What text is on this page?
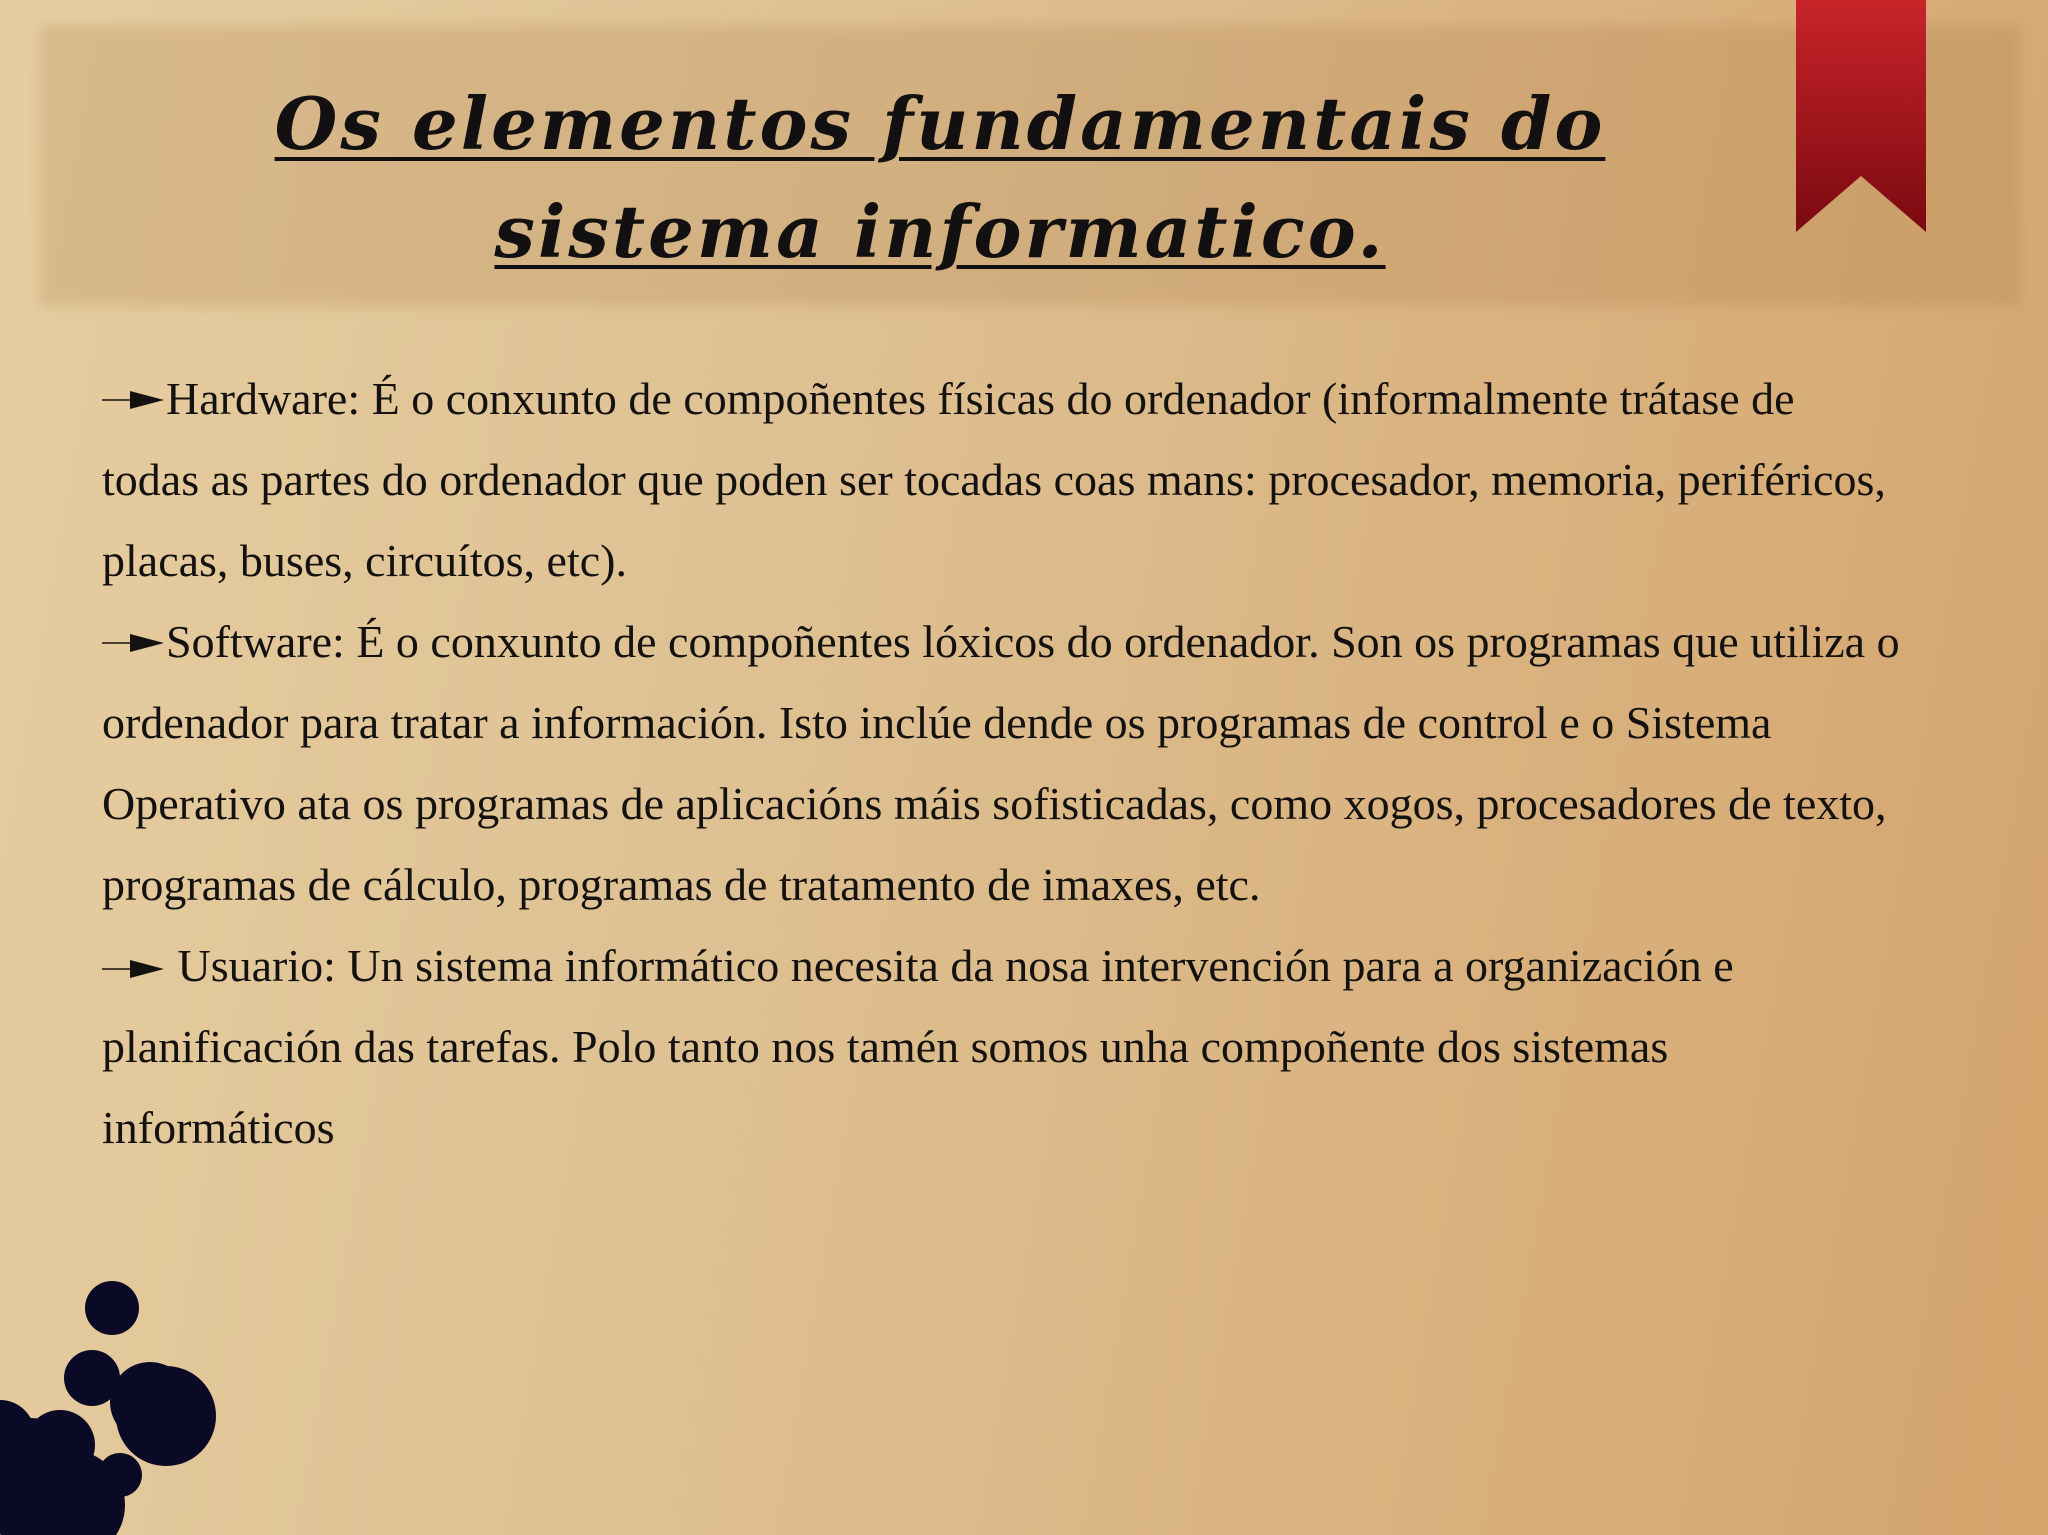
Os elementos fundamentais do sistema informatico.

Hardware: É o conxunto de compoñentes físicas do ordenador (informalmente trátase de todas as partes do ordenador que poden ser tocadas coas mans: procesador, memoria, periféricos, placas, buses, circuítos, etc).

Software: É o conxunto de compoñentes lóxicos do ordenador. Son os programas que utiliza o ordenador para tratar a información. Isto inclúe dende os programas de control e o Sistema Operativo ata os programas de aplicacións máis sofisticadas, como xogos, procesadores de texto, programas de cálculo, programas de tratamento de imaxes, etc.

Usuario: Un sistema informático necesita da nosa intervención para a organización e planificación das tarefas. Polo tanto nos tamén somos unha compoñente dos sistemas informáticos
